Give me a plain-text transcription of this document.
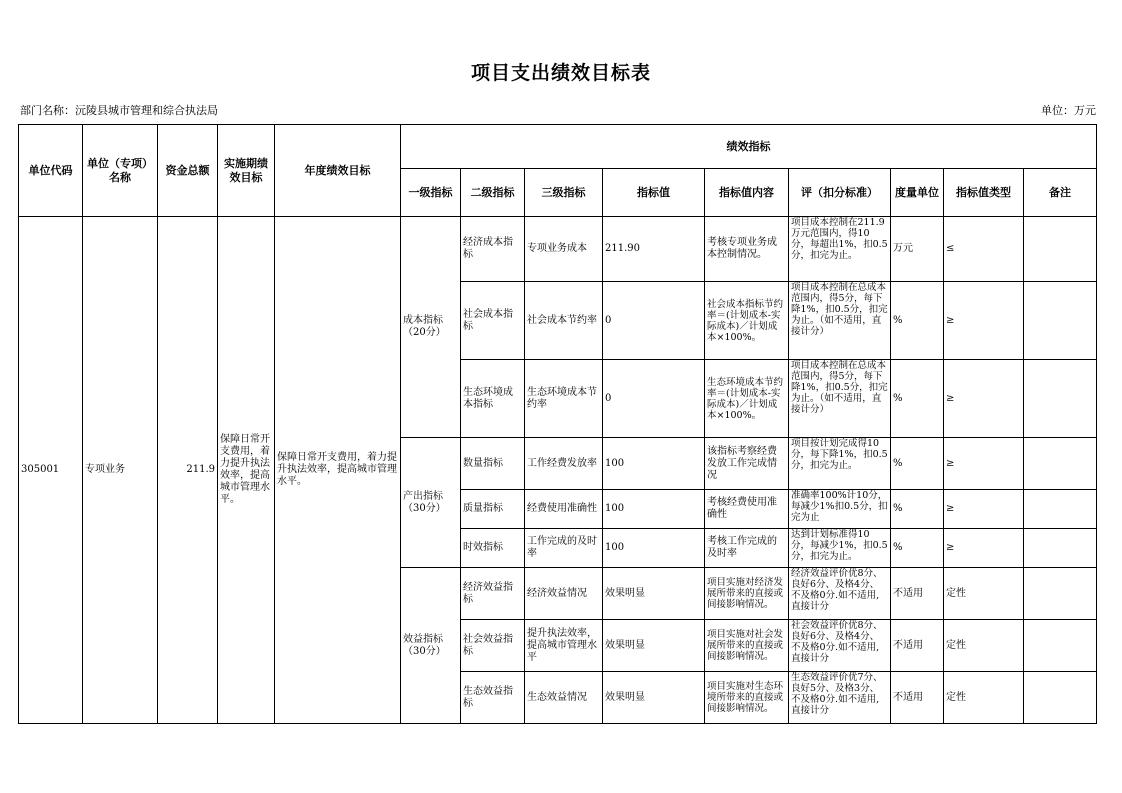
项目支出绩效目标表
部门名称：沅陵县城市管理和综合执法局	单位：万元
单位代码	单位（专项）名称	资金总额	实施期绩效目标	年度绩效目标	绩效指标								
					一级指标	二级指标	三级指标	指标值	指标值内容	评（扣分标准）	度量单位	指标值类型	备注
305001	专项业务	211.9	保障日常开支费用，着力提升执法效率，提高城市管理水平。	保障日常开支费用，着力提升执法效率，提高城市管理水平。	成本指标（20分）	经济成本指标	专项业务成本	211.90	考核专项业务成本控制情况。	项目成本控制在211.9万元范围内，得10分，每超出1%，扣0.5分，扣完为止。	万元	≤	
						社会成本指标	社会成本节约率	0	社会成本指标节约率＝(计划成本-实际成本)／计划成本×100%。	项目成本控制在总成本范围内，得5分，每下降1%，扣0.5分，扣完为止。（如不适用，直接计分）	%	≥	
						生态环境成本指标	生态环境成本节约率	0	生态环境成本节约率＝(计划成本-实际成本)／计划成本×100%。	项目成本控制在总成本范围内，得5分，每下降1%，扣0.5分，扣完为止。（如不适用，直接计分）	%	≥	
					产出指标（30分）	数量指标	工作经费发放率	100	该指标考察经费发放工作完成情况	项目按计划完成得10分，每下降1%，扣0.5分，扣完为止。	%	≥	
						质量指标	经费使用准确性	100	考核经费使用准确性	准确率100%计10分，每减少1%扣0.5分，扣完为止	%	≥	
						时效指标	工作完成的及时率	100	考核工作完成的及时率	达到计划标准得10分，每减少1%，扣0.5分，扣完为止。	%	≥	
					效益指标（30分）	经济效益指标	经济效益情况	效果明显	项目实施对经济发展所带来的直接或间接影响情况。	经济效益评价优8分、良好6分、及格4分、不及格0分.如不适用,直接计分	不适用	定性	
						社会效益指标	提升执法效率，提高城市管理水平	效果明显	项目实施对社会发展所带来的直接或间接影响情况。	社会效益评价优8分、良好6分、及格4分、不及格0分.如不适用,直接计分	不适用	定性	
						生态效益指标	生态效益情况	效果明显	项目实施对生态环境所带来的直接或间接影响情况。	生态效益评价优7分、良好5分、及格3分、不及格0分.如不适用,直接计分	不适用	定性	
